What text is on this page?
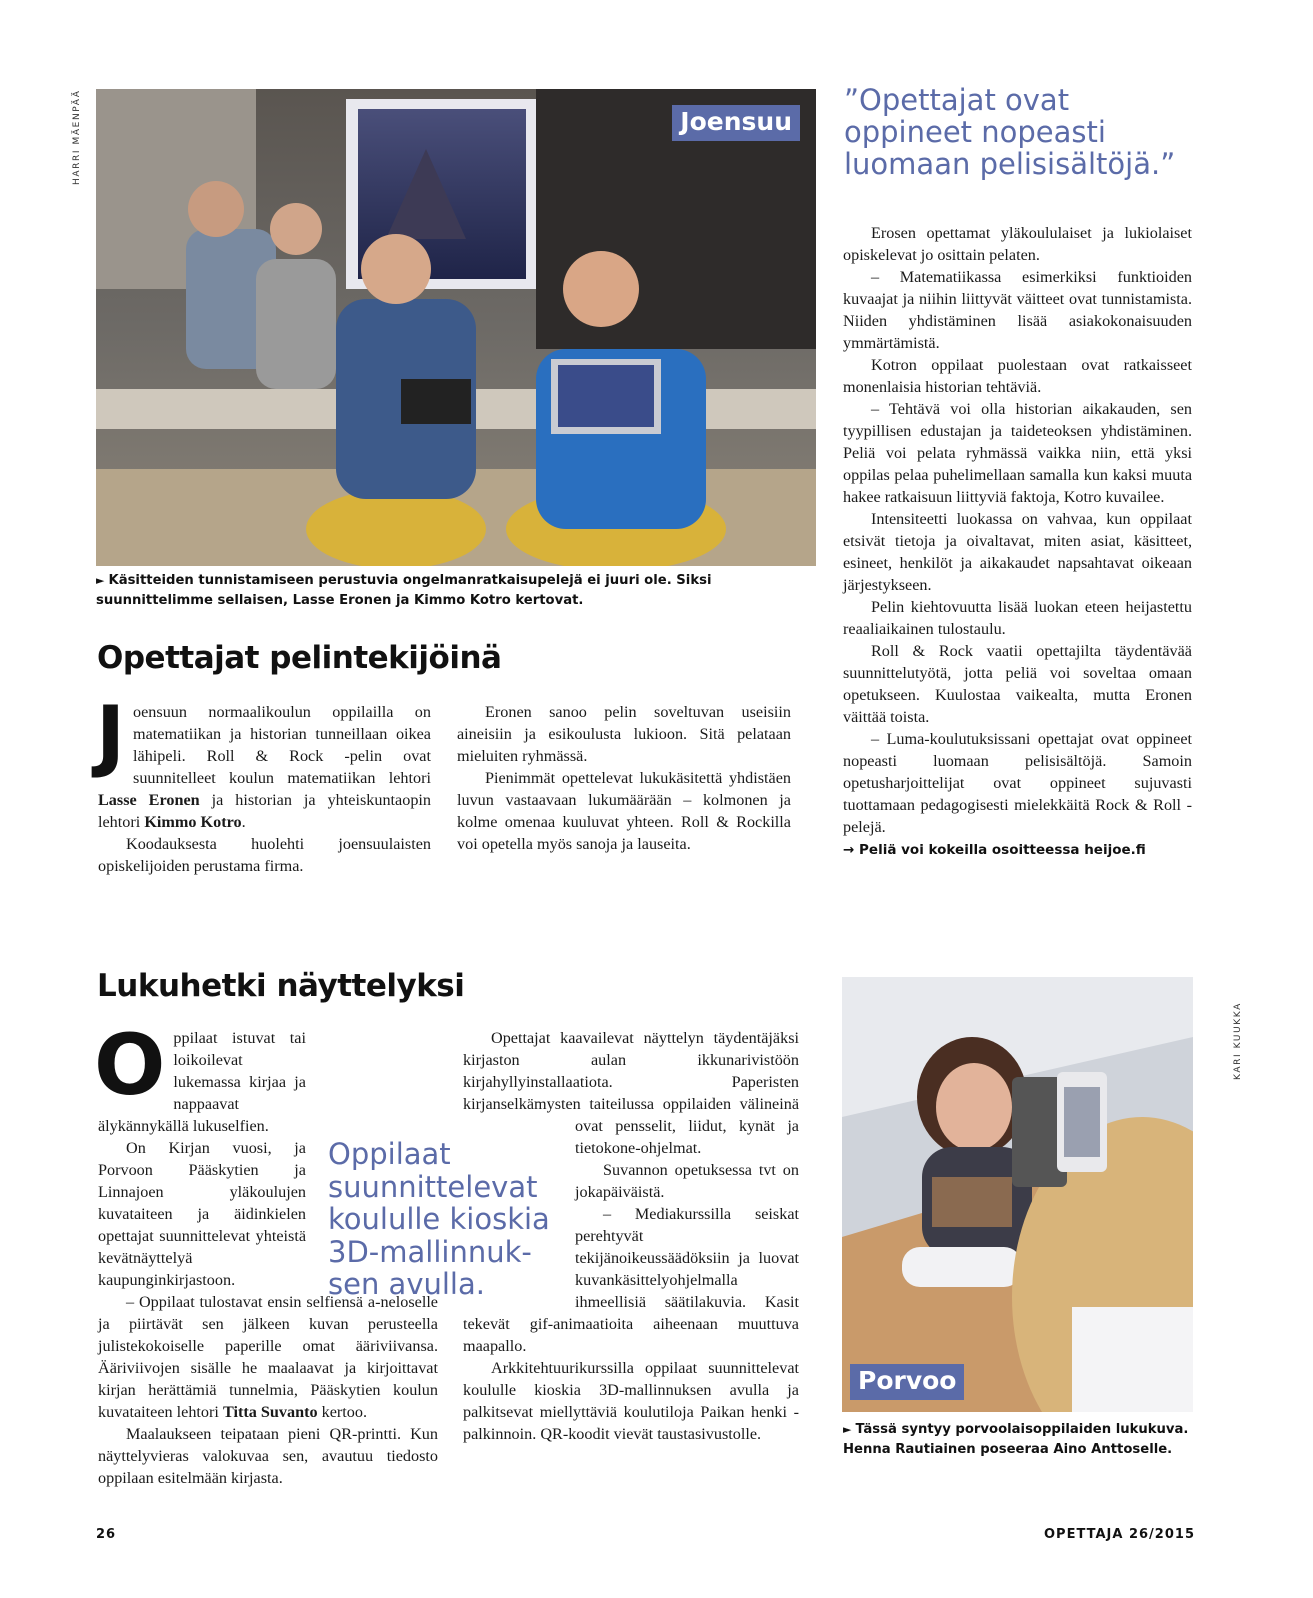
HARRI MÄENPÄÄ
KARI KUUKKA
Joensuu
► Käsitteiden tunnistamiseen perustuvia ongelmanratkaisupelejä ei juuri ole. Siksi suunnittelimme sellaisen, Lasse Eronen ja Kimmo Kotro kertovat.
Opettajat pelintekijöinä
”Opettajat ovat oppineet nopeasti luomaan pelisisältöjä.”

Joensuun normaalikoulun oppilailla on matematiikan ja historian tunneillaan oikea lähipeli. Roll & Rock -pelin ovat suunnitelleet koulun matematiikan lehtori Lasse Eronen ja historian ja yhteiskuntaopin lehtori Kimmo Kotro.

Koodauksesta huolehti joensuulaisten opiskelijoiden perustama firma.

Eronen sanoo pelin soveltuvan useisiin aineisiin ja esikoulusta lukioon. Sitä pelataan mieluiten ryhmässä.

Pienimmät opettelevat lukukäsitettä yhdistäen luvun vastaavaan lukumäärään – kolmonen ja kolme omenaa kuuluvat yhteen. Roll & Rockilla voi opetella myös sanoja ja lauseita.

Erosen opettamat yläkoululaiset ja lukiolaiset opiskelevat jo osittain pelaten.

– Matematiikassa esimerkiksi funktioiden kuvaajat ja niihin liittyvät väitteet ovat tunnistamista. Niiden yhdistäminen lisää asiakokonaisuuden ymmärtämistä.

Kotron oppilaat puolestaan ovat ratkaisseet monenlaisia historian tehtäviä.

– Tehtävä voi olla historian aikakauden, sen tyypillisen edustajan ja taideteoksen yhdistäminen. Peliä voi pelata ryhmässä vaikka niin, että yksi oppilas pelaa puhelimellaan samalla kun kaksi muuta hakee ratkaisuun liittyviä faktoja, Kotro kuvailee.

Intensiteetti luokassa on vahvaa, kun oppilaat etsivät tietoja ja oivaltavat, miten asiat, käsitteet, esineet, henkilöt ja aikakaudet napsahtavat oikeaan järjestykseen.

Pelin kiehtovuutta lisää luokan eteen heijastettu reaaliaikainen tulostaulu.

Roll & Rock vaatii opettajilta täydentävää suunnittelutyötä, jotta peliä voi soveltaa omaan opetukseen. Kuulostaa vaikealta, mutta Eronen väittää toista.

– Luma-koulutuksissani opettajat ovat oppineet nopeasti luomaan pelisisältöjä. Samoin opetusharjoittelijat ovat oppineet sujuvasti tuottamaan pedagogisesti mielekkäitä Rock & Roll -pelejä.

→ Peliä voi kokeilla osoitteessa heijoe.fi
Lukuhetki näyttelyksi

Oppilaat istuvat tai loikoilevat lukemassa kirjaa ja nappaavat älykännykällä lukuselfien.

On Kirjan vuosi, ja Porvoon Pääskytien ja Linnajoen yläkoulujen kuvataiteen ja äidinkielen opettajat suunnittelevat yhteistä kevätnäyttelyä kaupunginkirjastoon.

– Oppilaat tulostavat ensin selfiensä a-neloselle ja piirtävät sen jälkeen kuvan perusteella julistekokoiselle paperille omat ääriviivansa. Ääriviivojen sisälle he maalaavat ja kirjoittavat kirjan herättämiä tunnelmia, Pääskytien koulun kuvataiteen lehtori Titta Suvanto kertoo.

Maalaukseen teipataan pieni QR-printti. Kun näyttelyvieras valokuvaa sen, avautuu tiedosto oppilaan esitelmään kirjasta.

Oppilaat
suunnittelevat
koululle kioskia
3D-mallinnuk-
sen avulla.

Opettajat kaavailevat näyttelyn täydentäjäksi kirjaston aulan ikkunarivistöön kirjahyllyinstallaatiota. Paperisten kirjanselkämysten taiteilussa oppilaiden välineinä ovat pensselit, liidut, kynät ja tietokone-ohjelmat.

Suvannon opetuksessa tvt on jokapäiväistä.

– Mediakurssilla seiskat perehtyvät tekijänoikeussäädöksiin ja luovat kuvankäsittelyohjelmalla ihmeellisiä säätilakuvia. Kasit tekevät gif-animaatioita aiheenaan muuttuva maapallo.

Arkkitehtuurikurssilla oppilaat suunnittelevat koululle kioskia 3D-mallinnuksen avulla ja palkitsevat miellyttäviä koulutiloja Paikan henki -palkinnoin. QR-koodit vievät taustasivustolle.

Porvoo
► Tässä syntyy porvoolaisoppilaiden lukukuva. Henna Rautiainen poseeraa Aino Anttoselle.
26	OPETTAJA 26/2015
